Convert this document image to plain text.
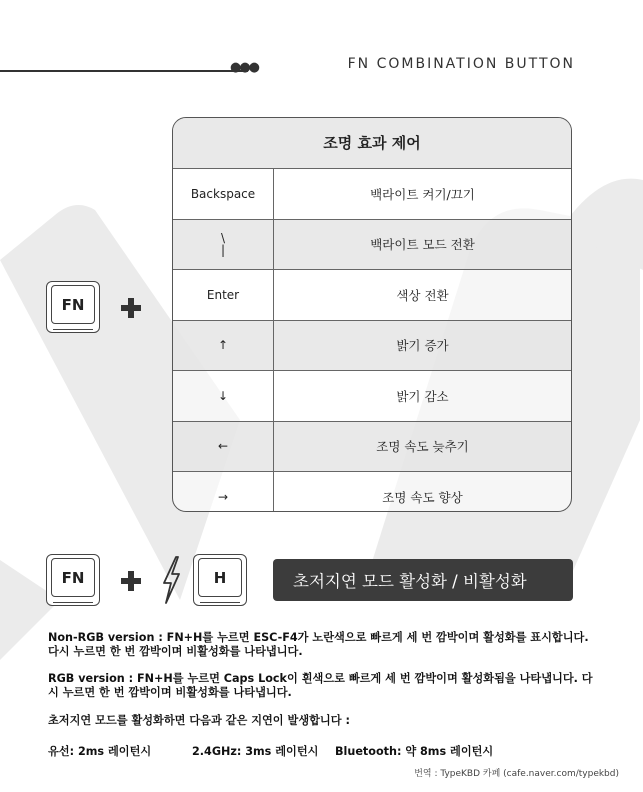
●●●	FN COMBINATION BUTTON
FN
조명 효과 제어
Backspace	백라이트 켜기/끄기
\
|	백라이트 모드 전환
Enter	색상 전환
↑	밝기 증가
↓	밝기 감소
←	조명 속도 늦추기
→	조명 속도 향상
FN	H	초저지연 모드 활성화 / 비활성화
Non-RGB version : FN+H를 누르면 ESC-F4가 노란색으로 빠르게 세 번 깜박이며 활성화를 표시합니다. 다시 누르면 한 번 깜박이며 비활성화를 나타냅니다.
RGB version : FN+H를 누르면 Caps Lock이 흰색으로 빠르게 세 번 깜박이며 활성화됨을 나타냅니다. 다시 누르면 한 번 깜박이며 비활성화를 나타냅니다.
초저지연 모드를 활성화하면 다음과 같은 지연이 발생합니다 :
유선: 2ms 레이턴시	2.4GHz: 3ms 레이턴시 Bluetooth: 약 8ms 레이턴시
번역 : TypeKBD 카페 (cafe.naver.com/typekbd)
